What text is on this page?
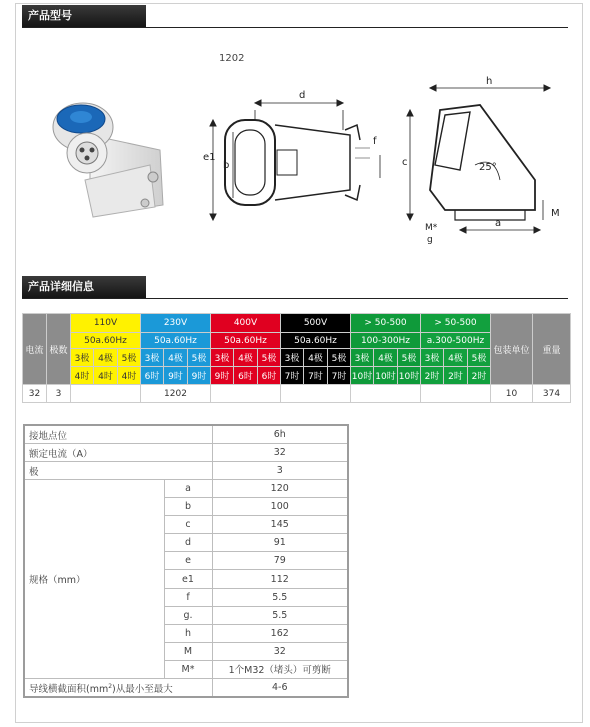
产品型号
1202
d
f
e1
b
h
c	25°
M*
g
a
M
产品详细信息
电流	极数	110V			230V			400V			500V			> 50-500			> 50-500			包装单位	重量
		50a.60Hz			50a.60Hz			50a.60Hz			50a.60Hz			100-300Hz			a.300-500Hz				
		3极	4极	5极	3极	4极	5极	3极	4极	5极	3极	4极	5极	3极	4极	5极	3极	4极	5极		
		4时	4时	4时	6时	9时	9时	9时	6时	6时	7时	7时	7时	10时	10时	10时	2时	2时	2时		
32	3				1202															10	374
接地点位		6h
额定电流（A）		32
极		3
规格（mm）	a	120
	b	100
	c	145
	d	91
	e	79
	e1	112
	f	5.5
	g.	5.5
	h	162
	M	32
	M*	1个M32（堵头）可剪断
导线横截面积$(mm^2)$从最小至最大		4-6
